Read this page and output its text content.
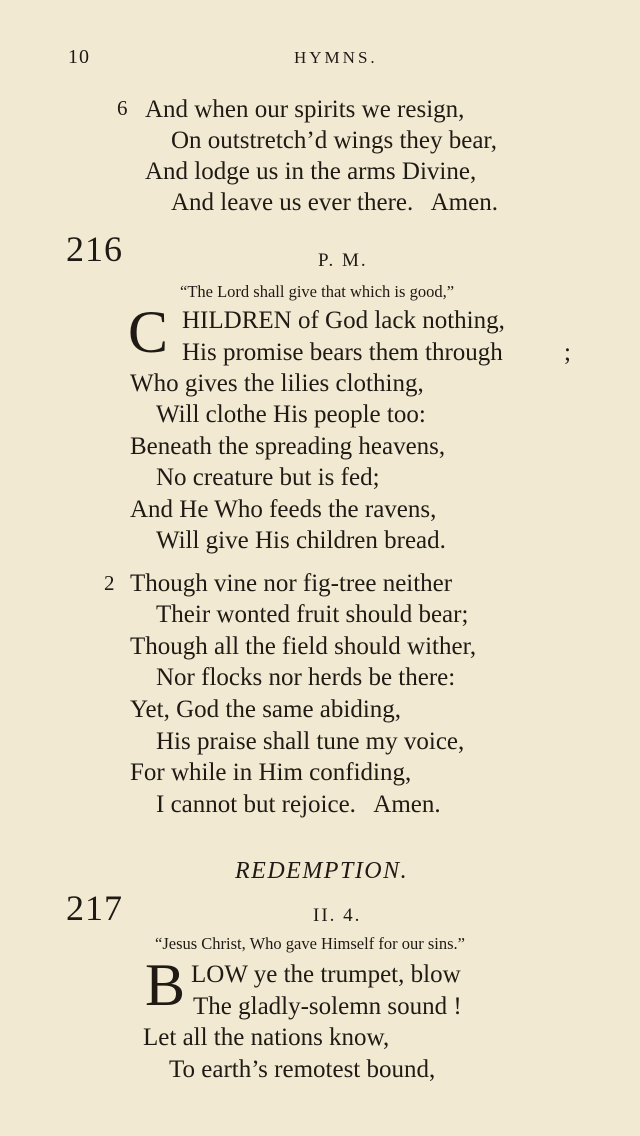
10	HYMNS.
6 And when our spirits we resign,
On outstretch’d wings they bear,
And lodge us in the arms Divine,
And leave us ever there.   Amen.
216	P. M.
“The Lord shall give that which is good,”
C HILDREN of God lack nothing,
His promise bears them through ;
Who gives the lilies clothing,
Will clothe His people too:
Beneath the spreading heavens,
No creature but is fed;
And He Who feeds the ravens,
Will give His children bread.
2 Though vine nor fig-tree neither
Their wonted fruit should bear;
Though all the field should wither,
Nor flocks nor herds be there:
Yet, God the same abiding,
His praise shall tune my voice,
For while in Him confiding,
I cannot but rejoice.   Amen.
REDEMPTION.
217	II. 4.
“Jesus Christ, Who gave Himself for our sins.”
B LOW ye the trumpet, blow
The gladly-solemn sound !
Let all the nations know,
To earth’s remotest bound,
